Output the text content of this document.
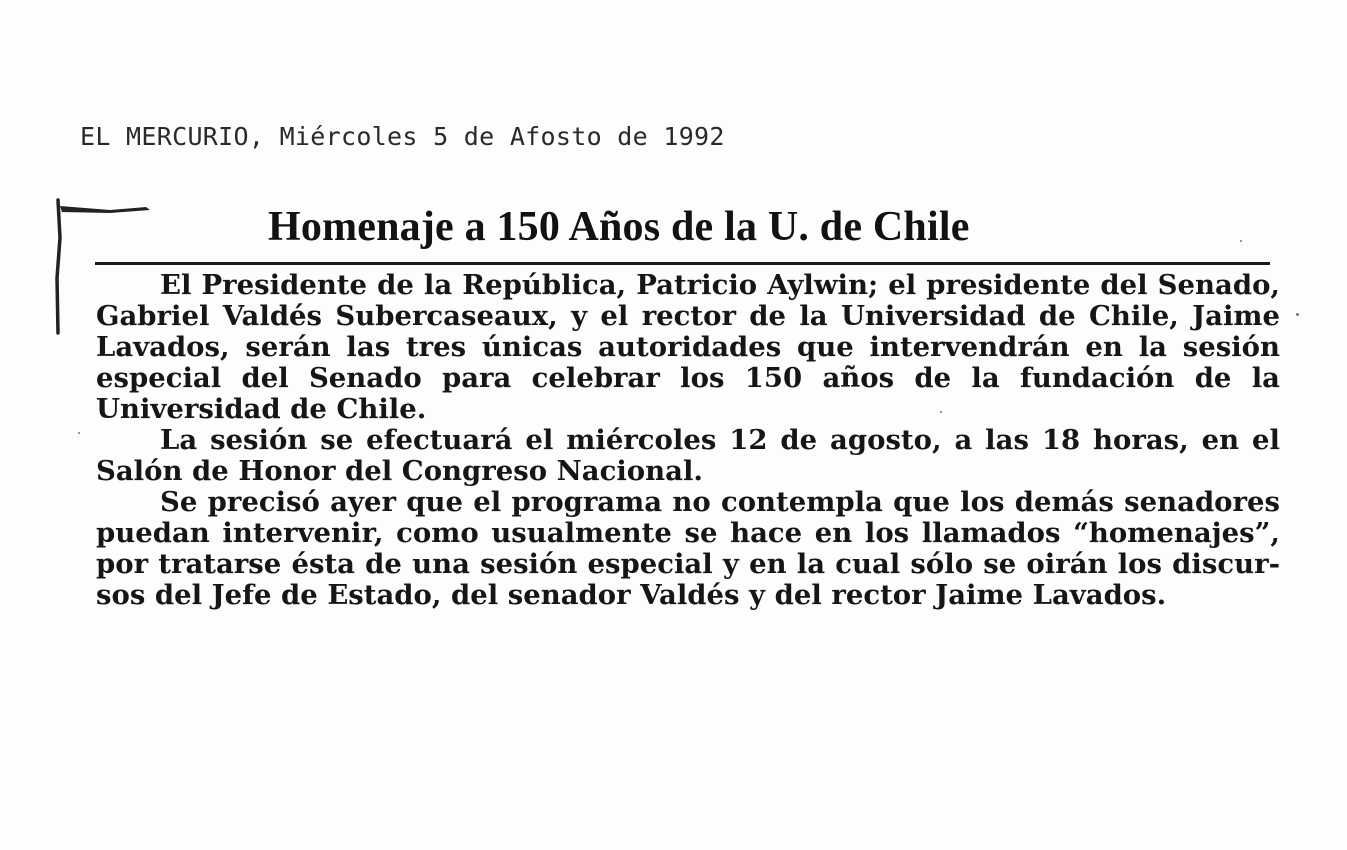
EL MERCURIO, Miércoles 5 de Afosto de 1992
Homenaje a 150 Años de la U. de Chile

El Presidente de la República, Patricio Aylwin; el presidente del Senado, Gabriel Valdés Subercaseaux, y el rector de la Universidad de Chile, Jaime Lavados, serán las tres únicas autoridades que intervendrán en la sesión especial del Senado para celebrar los 150 años de la fundación de la Universidad de Chile.

La sesión se efectuará el miércoles 12 de agosto, a las 18 horas, en el Salón de Honor del Congreso Nacional.

Se precisó ayer que el programa no contempla que los demás senadores puedan intervenir, como usualmente se hace en los llamados “homenajes”, por tratarse ésta de una sesión especial y en la cual sólo se oirán los discursos del Jefe de Estado, del senador Valdés y del rector Jaime Lavados.
